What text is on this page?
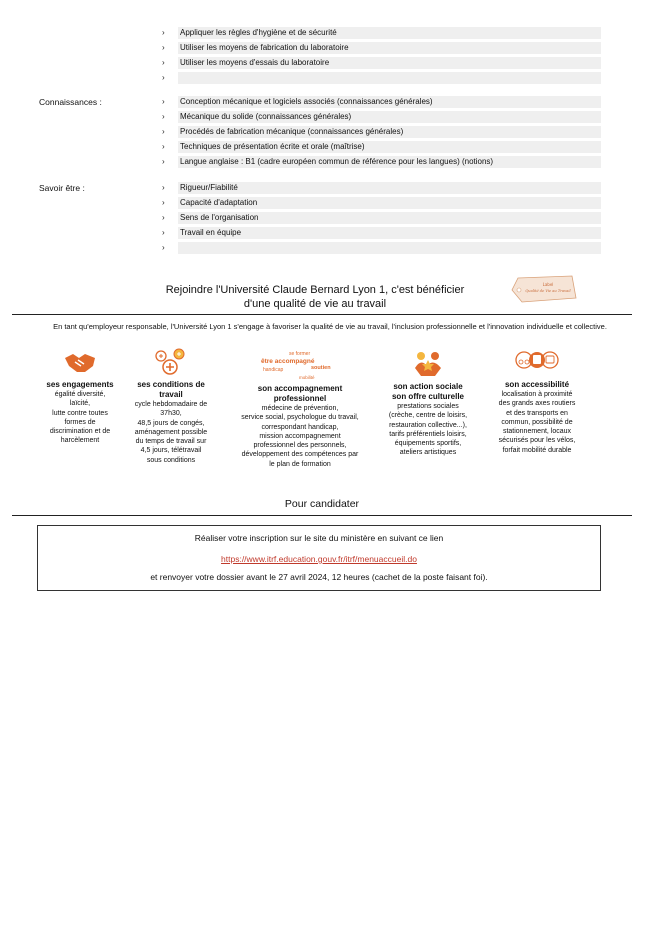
› Appliquer les règles d'hygiène et de sécurité
› Utiliser les moyens de fabrication du laboratoire
› Utiliser les moyens d'essais du laboratoire
›
Connaissances :	› Conception mécanique et logiciels associés (connaissances générales)
› Mécanique du solide (connaissances générales)
› Procédés de fabrication mécanique (connaissances générales)
› Techniques de présentation écrite et orale (maîtrise)
› Langue anglaise : B1 (cadre européen commun de référence pour les langues) (notions)
Savoir être :	› Rigueur/Fiabilité
› Capacité d'adaptation
› Sens de l'organisation
› Travail en équipe
›
Rejoindre l'Université Claude Bernard Lyon 1, c'est bénéficier
d'une qualité de vie au travail
Label
Qualité de Vie au Travail
En tant qu'employeur responsable, l'Université Lyon 1 s'engage à favoriser la qualité de vie au travail, l'inclusion professionnelle et l'innovation individuelle et collective.
ses engagements
égalité diversité,
laïcité,
lutte contre toutes
formes de
discrimination et de
harcèlement
ses conditions de travail
cycle hebdomadaire de
37h30,
48,5 jours de congés,
aménagement possible
du temps de travail sur
4,5 jours, télétravail
sous conditions
se former
être accompagné
handicap	soutien
mobilité
son accompagnement professionnel
médecine de prévention,
service social, psychologue du travail,
correspondant handicap,
mission accompagnement
professionnel des personnels,
développement des compétences par
le plan de formation
son action sociale son offre culturelle
prestations sociales
(crèche, centre de loisirs,
restauration collective...),
tarifs préférentiels loisirs,
équipements sportifs,
ateliers artistiques
son accessibilité
localisation à proximité
des grands axes routiers
et des transports en
commun, possibilité de
stationnement, locaux
sécurisés pour les vélos,
forfait mobilité durable
Pour candidater
Réaliser votre inscription sur le site du ministère en suivant ce lien
https://www.itrf.education.gouv.fr/itrf/menuaccueil.do
et renvoyer votre dossier avant le 27 avril 2024, 12 heures (cachet de la poste faisant foi).
